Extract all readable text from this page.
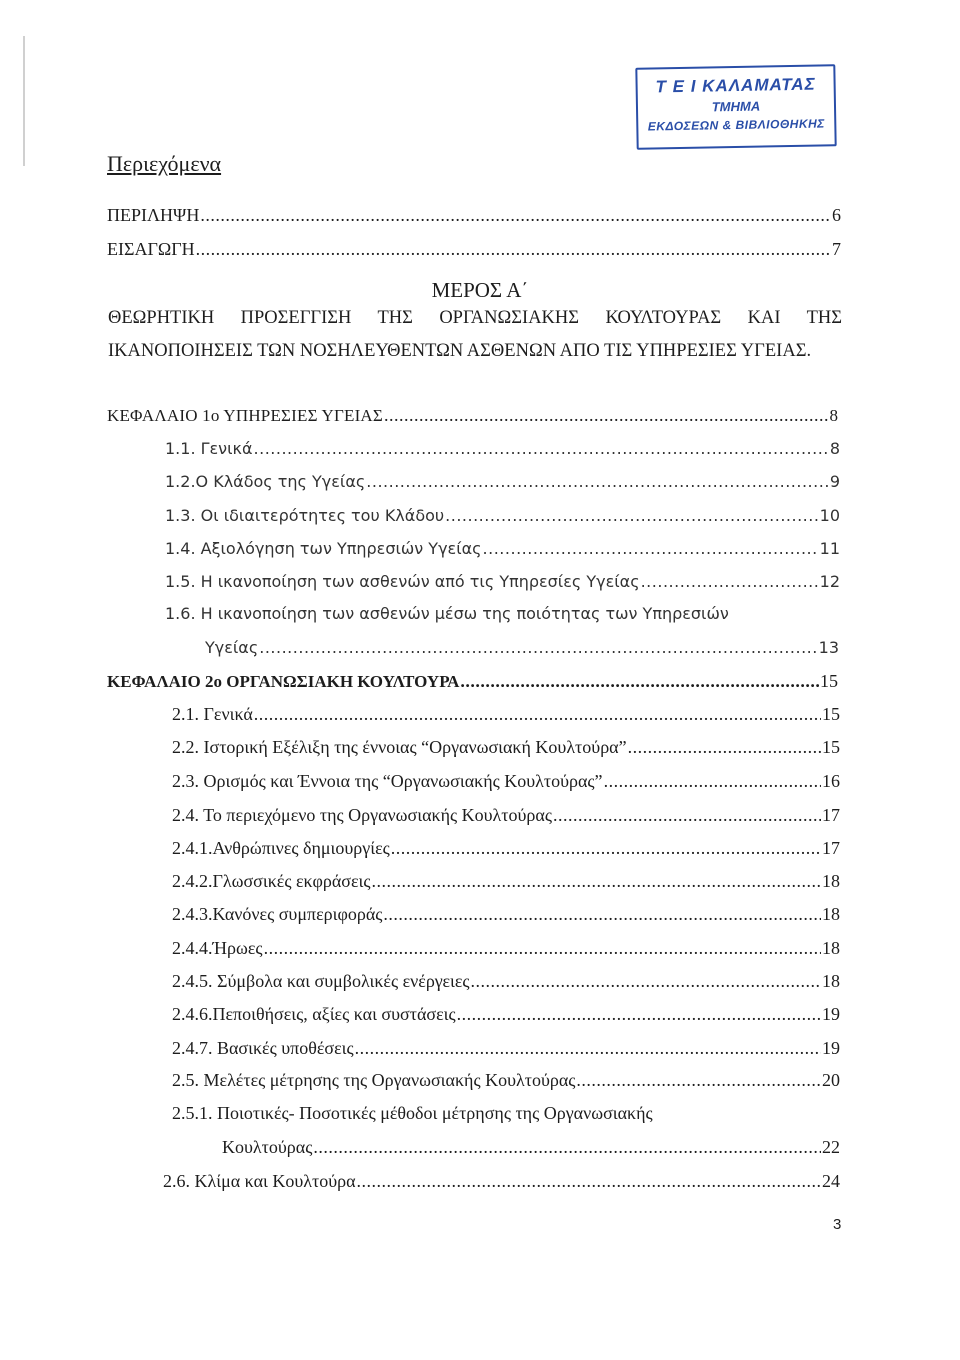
Τ Ε Ι ΚΑΛΑΜΑΤΑΣ
ΤΜΗΜΑ
ΕΚΔΟΣΕΩΝ & ΒΙΒΛΙΟΘΗΚΗΣ
Περιεχόμενα
ΠΕΡΙΛΗΨΗ .....	6
ΕΙΣΑΓΩΓΗ .....	7
ΜΕΡΟΣ Α΄

ΘΕΩΡΗΤΙΚΗ ΠΡΟΣΕΓΓΙΣΗ ΤΗΣ ΟΡΓΑΝΩΣΙΑΚΗΣ ΚΟΥΛΤΟΥΡΑΣ ΚΑΙ ΤΗΣ ΙΚΑΝΟΠΟΙΗΣΕΙΣ ΤΩΝ ΝΟΣΗΛΕΥΘΕΝΤΩΝ ΑΣΘΕΝΩΝ ΑΠΟ ΤΙΣ ΥΠΗΡΕΣΙΕΣ ΥΓΕΙΑΣ.

ΚΕΦΑΛΑΙΟ 1ο ΥΠΗΡΕΣΙΕΣ ΥΓΕΙΑΣ .....	8
1.1. Γενικά .....	8
1.2.Ο Κλάδος της Υγείας .....	9
1.3. Οι ιδιαιτερότητες του Κλάδου .....	10
1.4. Αξιολόγηση των Υπηρεσιών Υγείας .....	11
1.5. Η ικανοποίηση των ασθενών από τις Υπηρεσίες Υγείας .....	12
1.6. Η ικανοποίηση των ασθενών μέσω της ποιότητας των Υπηρεσιών
Υγείας .....	13
ΚΕΦΑΛΑΙΟ 2ο ΟΡΓΑΝΩΣΙΑΚΗ ΚΟΥΛΤΟΥΡΑ .....	15
2.1. Γενικά .....	15
2.2. Ιστορική Εξέλιξη της έννοιας “Οργανωσιακή Κουλτούρα” .....	15
2.3. Ορισμός και Έννοια της “Οργανωσιακής Κουλτούρας” .....	16
2.4. Το περιεχόμενο της Οργανωσιακής Κουλτούρας .....	17
2.4.1.Ανθρώπινες δημιουργίες .....	17
2.4.2.Γλωσσικές εκφράσεις .....	18
2.4.3.Κανόνες συμπεριφοράς .....	18
2.4.4.Ήρωες .....	18
2.4.5. Σύμβολα και συμβολικές ενέργειες .....	18
2.4.6.Πεποιθήσεις, αξίες και συστάσεις .....	19
2.4.7. Βασικές υποθέσεις .....	19
2.5. Μελέτες μέτρησης της Οργανωσιακής Κουλτούρας .....	20
2.5.1. Ποιοτικές- Ποσοτικές μέθοδοι μέτρησης της Οργανωσιακής
Κουλτούρας .....	22
2.6. Κλίμα και Κουλτούρα .....	24
3
